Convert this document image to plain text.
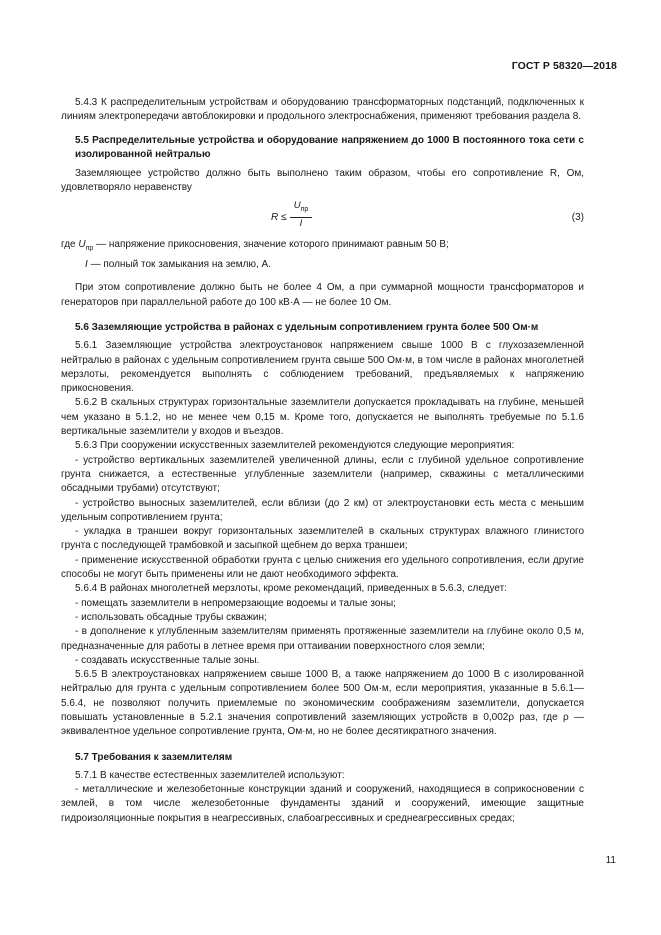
ГОСТ Р 58320—2018

5.4.3 К распределительным устройствам и оборудованию трансформаторных подстанций, подключенных к линиям электропередачи автоблокировки и продольного электроснабжения, применяют требования раздела 8.

5.5 Распределительные устройства и оборудование напряжением до 1000 В постоянного тока сети с изолированной нейтралью

Заземляющее устройство должно быть выполнено таким образом, чтобы его сопротивление R, Ом, удовлетворяло неравенству

R ≤
$U_{пр}$
I
(3)

где $U_{пр}$ — напряжение прикосновения, значение которого принимают равным 50 В;

I — полный ток замыкания на землю, А.

При этом сопротивление должно быть не более 4 Ом, а при суммарной мощности трансформаторов и генераторов при параллельной работе до 100 кВ·А — не более 10 Ом.

5.6 Заземляющие устройства в районах с удельным сопротивлением грунта более 500 Ом·м

5.6.1 Заземляющие устройства электроустановок напряжением свыше 1000 В с глухозаземленной нейтралью в районах с удельным сопротивлением грунта свыше 500 Ом·м, в том числе в районах многолетней мерзлоты, рекомендуется выполнять с соблюдением требований, предъявляемых к напряжению прикосновения.

5.6.2 В скальных структурах горизонтальные заземлители допускается прокладывать на глубине, меньшей чем указано в 5.1.2, но не менее чем 0,15 м. Кроме того, допускается не выполнять требуемые по 5.1.6 вертикальные заземлители у входов и въездов.

5.6.3 При сооружении искусственных заземлителей рекомендуются следующие мероприятия:

- устройство вертикальных заземлителей увеличенной длины, если с глубиной удельное сопротивление грунта снижается, а естественные углубленные заземлители (например, скважины с металлическими обсадными трубами) отсутствуют;

- устройство выносных заземлителей, если вблизи (до 2 км) от электроустановки есть места с меньшим удельным сопротивлением грунта;

- укладка в траншеи вокруг горизонтальных заземлителей в скальных структурах влажного глинистого грунта с последующей трамбовкой и засыпкой щебнем до верха траншеи;

- применение искусственной обработки грунта с целью снижения его удельного сопротивления, если другие способы не могут быть применены или не дают необходимого эффекта.

5.6.4 В районах многолетней мерзлоты, кроме рекомендаций, приведенных в 5.6.3, следует:

- помещать заземлители в непромерзающие водоемы и талые зоны;

- использовать обсадные трубы скважин;

- в дополнение к углубленным заземлителям применять протяженные заземлители на глубине около 0,5 м, предназначенные для работы в летнее время при оттаивании поверхностного слоя земли;

- создавать искусственные талые зоны.

5.6.5 В электроустановках напряжением свыше 1000 В, а также напряжением до 1000 В с изолированной нейтралью для грунта с удельным сопротивлением более 500 Ом·м, если мероприятия, указанные в 5.6.1—5.6.4, не позволяют получить приемлемые по экономическим соображениям заземлители, допускается повышать установленные в 5.2.1 значения сопротивлений заземляющих устройств в 0,002ρ раз, где ρ — эквивалентное удельное сопротивление грунта, Ом·м, но не более десятикратного значения.

5.7 Требования к заземлителям

5.7.1 В качестве естественных заземлителей используют:

- металлические и железобетонные конструкции зданий и сооружений, находящиеся в соприкосновении с землей, в том числе железобетонные фундаменты зданий и сооружений, имеющие защитные гидроизоляционные покрытия в неагрессивных, слабоагрессивных и среднеагрессивных средах;

11
